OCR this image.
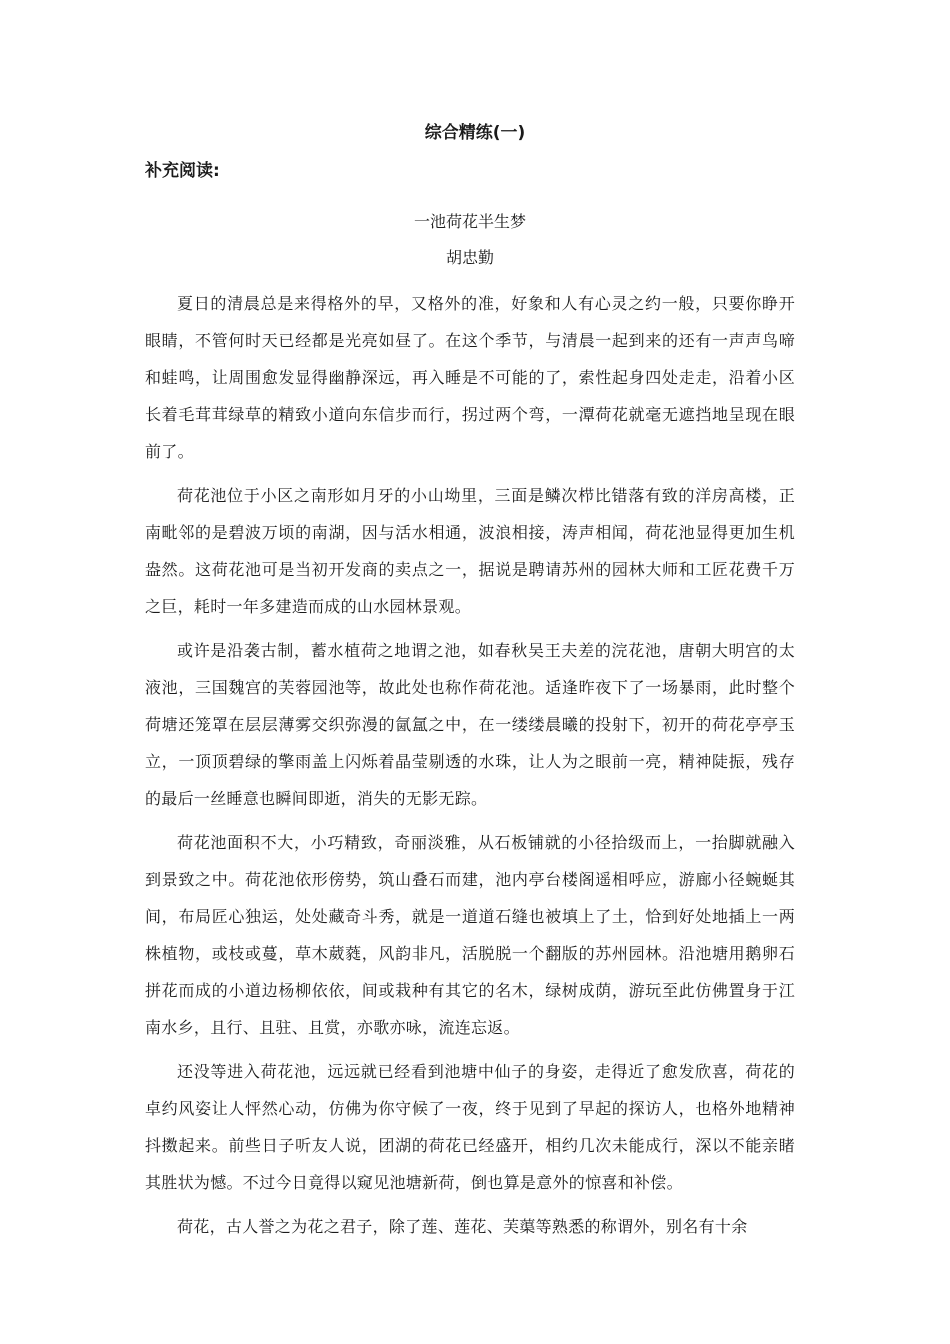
综合精练(一)
补充阅读:
一池荷花半生梦
胡忠勤

夏日的清晨总是来得格外的早，又格外的准，好象和人有心灵之约一般，只要你睁开眼睛，不管何时天已经都是光亮如昼了。在这个季节，与清晨一起到来的还有一声声鸟啼和蛙鸣，让周围愈发显得幽静深远，再入睡是不可能的了，索性起身四处走走，沿着小区长着毛茸茸绿草的精致小道向东信步而行，拐过两个弯，一潭荷花就毫无遮挡地呈现在眼前了。

荷花池位于小区之南形如月牙的小山坳里，三面是鳞次栉比错落有致的洋房高楼，正南毗邻的是碧波万顷的南湖，因与活水相通，波浪相接，涛声相闻，荷花池显得更加生机盎然。这荷花池可是当初开发商的卖点之一，据说是聘请苏州的园林大师和工匠花费千万之巨，耗时一年多建造而成的山水园林景观。

或许是沿袭古制，蓄水植荷之地谓之池，如春秋吴王夫差的浣花池，唐朝大明宫的太液池，三国魏宫的芙蓉园池等，故此处也称作荷花池。适逢昨夜下了一场暴雨，此时整个荷塘还笼罩在层层薄雾交织弥漫的氤氲之中，在一缕缕晨曦的投射下，初开的荷花亭亭玉立，一顶顶碧绿的擎雨盖上闪烁着晶莹剔透的水珠，让人为之眼前一亮，精神陡振，残存的最后一丝睡意也瞬间即逝，消失的无影无踪。

荷花池面积不大，小巧精致，奇丽淡雅，从石板铺就的小径拾级而上，一抬脚就融入到景致之中。荷花池依形傍势，筑山叠石而建，池内亭台楼阁遥相呼应，游廊小径蜿蜒其间，布局匠心独运，处处藏奇斗秀，就是一道道石缝也被填上了土，恰到好处地插上一两株植物，或枝或蔓，草木葳蕤，风韵非凡，活脱脱一个翻版的苏州园林。沿池塘用鹅卵石拼花而成的小道边杨柳依依，间或栽种有其它的名木，绿树成荫，游玩至此仿佛置身于江南水乡，且行、且驻、且赏，亦歌亦咏，流连忘返。

还没等进入荷花池，远远就已经看到池塘中仙子的身姿，走得近了愈发欣喜，荷花的卓约风姿让人怦然心动，仿佛为你守候了一夜，终于见到了早起的探访人，也格外地精神抖擞起来。前些日子听友人说，团湖的荷花已经盛开，相约几次未能成行，深以不能亲睹其胜状为憾。不过今日竟得以窥见池塘新荷，倒也算是意外的惊喜和补偿。

荷花，古人誉之为花之君子，除了莲、莲花、芙蕖等熟悉的称谓外，别名有十余
